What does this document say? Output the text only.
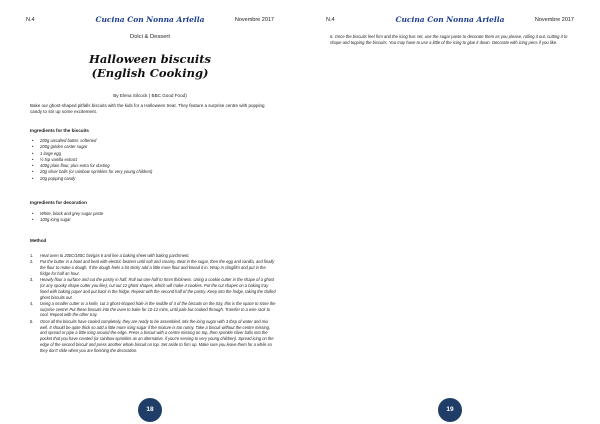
N.4	Cucina Con Nonna Ariella	Novembre 2017
Dolci & Dessert
Halloween biscuits
(English Cooking)
By Elena Silcock ( BBC Good Food)
Bake our ghost-shaped pitfalls biscuits with the kids for a Halloween treat. They feature a surprise centre with popping candy to stir up some excitement.
Ingredients for the biscuits
• 200g unsalted butter, softened
• 200g golden caster sugar
• 1 large egg
• ½ tsp vanilla extract
• 400g plain flour, plus extra for dusting
• 20g silver balls (or rainbow sprinkles for very young children)
• 20g popping candy
Ingredients for decoration
• White, black and grey sugar paste
• 100g icing sugar
Method
1. Heat oven to 200C/180C fan/gas 6 and line a baking sheet with baking parchment.
2. Put the butter in a bowl and beat with electric beaters until soft and creamy. Beat in the sugar, then the egg and vanilla, and finally the flour to make a dough. If the dough feels a bit sticky add a little more flour and knead it in. Wrap in clingfilm and put in the fridge for half an hour.
3. Heavily flour a surface and cut the pastry in half. Roll out one half to 5mm thickness. Using a cookie cutter in the shape of a ghost (or any spooky shape cutter you like), cut out 12 ghost shapes, which will make 4 cookies. Put the cut shapes on a baking tray lined with baking paper and put back in the fridge. Repeat with the second half of the pastry. Keep into the fridge, taking the chilled ghost biscuits out.
4. Using a smaller cutter or a knife, cut a ghost-shaped hole in the middle of 4 of the biscuits on the tray, this is the space to store the surprise centre! Put these biscuits into the oven to bake for 10-12 mins, until pale but cooked through. Transfer to a wire rack to cool. Repeat with the other tray.
5. Once all the biscuits have cooled completely, they are ready to be assembled. Mix the icing sugar with 3 tbsp of water and mix well. It should be quite thick so add a little more icing sugar if the mixture is too runny. Take a biscuit without the centre missing, and spread or pipe a little icing around the edge. Press a biscuit with a centre missing on top, then sprinkle silver balls into the pocket that you have created (or rainbow sprinkles as an alternative, if you're serving to very young children). Spread icing on the edge of the second biscuit and press another whole biscuit on top. Set aside to firm up. Make sure you leave them for a while so they don't slide when you are finishing the decoration.
18
N.4	Cucina Con Nonna Ariella	Novembre 2017
6. Once the biscuits feel firm and the icing has set, use the sugar paste to decorate them as you please, rolling it out, cutting it to shape and topping the biscuits. You may have to use a little of the icing to glue it down. Decorate with icing pens if you like.
19
